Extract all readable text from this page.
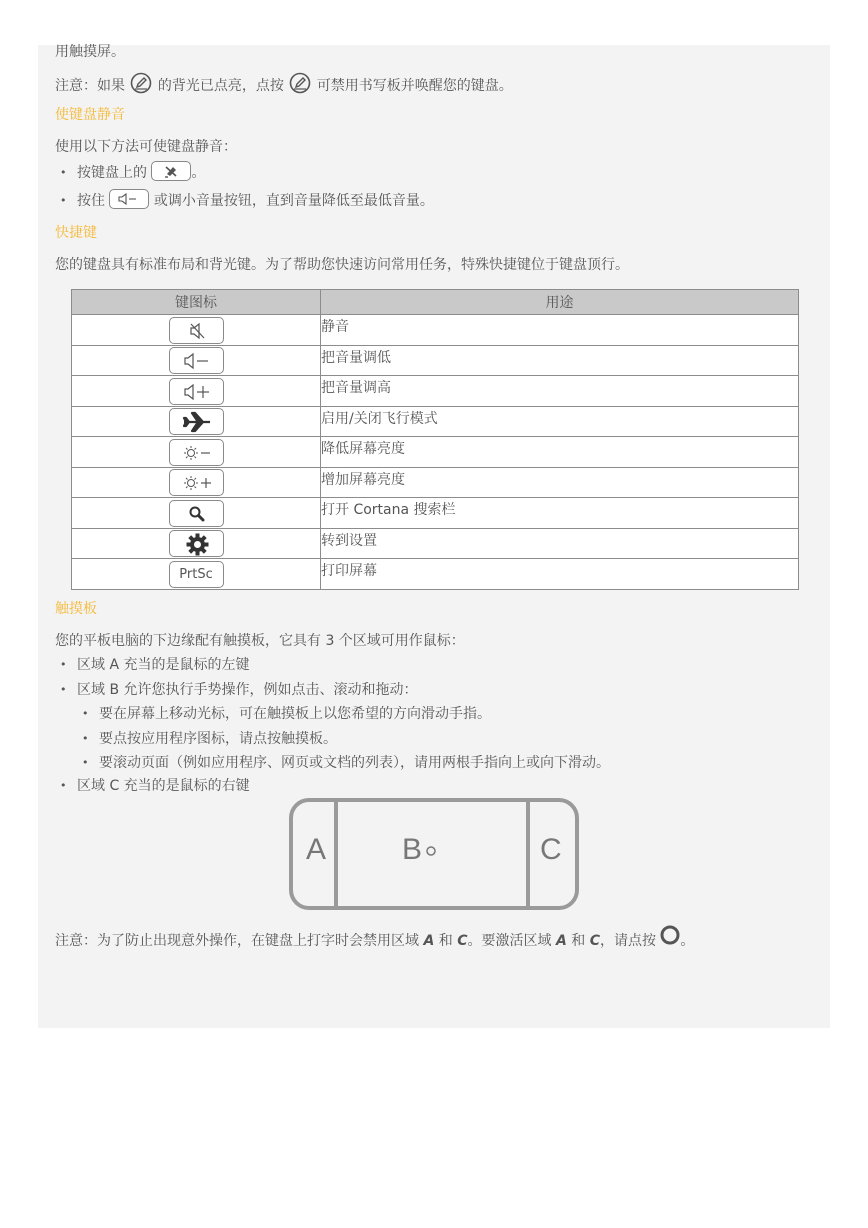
用触摸屏。
注意：如果 的背光已点亮，点按 可禁用书写板并唤醒您的键盘。
使键盘静音
使用以下方法可使键盘静音：
• 按键盘上的	。
• 按住	或调小音量按钮，直到音量降低至最低音量。
快捷键
您的键盘具有标准布局和背光键。为了帮助您快速访问常用任务，特殊快捷键位于键盘顶行。
键图标	用途

	静音

	把音量调低

	把音量调高

	启用/关闭飞行模式

	降低屏幕亮度

	增加屏幕亮度

	打开 Cortana 搜索栏

	转到设置
PrtSc	打印屏幕
触摸板
您的平板电脑的下边缘配有触摸板，它具有 3 个区域可用作鼠标：
• 区域 A 充当的是鼠标的左键
• 区域 B 允许您执行手势操作，例如点击、滚动和拖动：
• 要在屏幕上移动光标，可在触摸板上以您希望的方向滑动手指。
• 要点按应用程序图标，请点按触摸板。
• 要滚动页面（例如应用程序、网页或文档的列表），请用两根手指向上或向下滑动。
• 区域 C 充当的是鼠标的右键
A	B	C
注意：为了防止出现意外操作，在键盘上打字时会禁用区域 A 和 C。要激活区域 A 和 C，请点按 。
